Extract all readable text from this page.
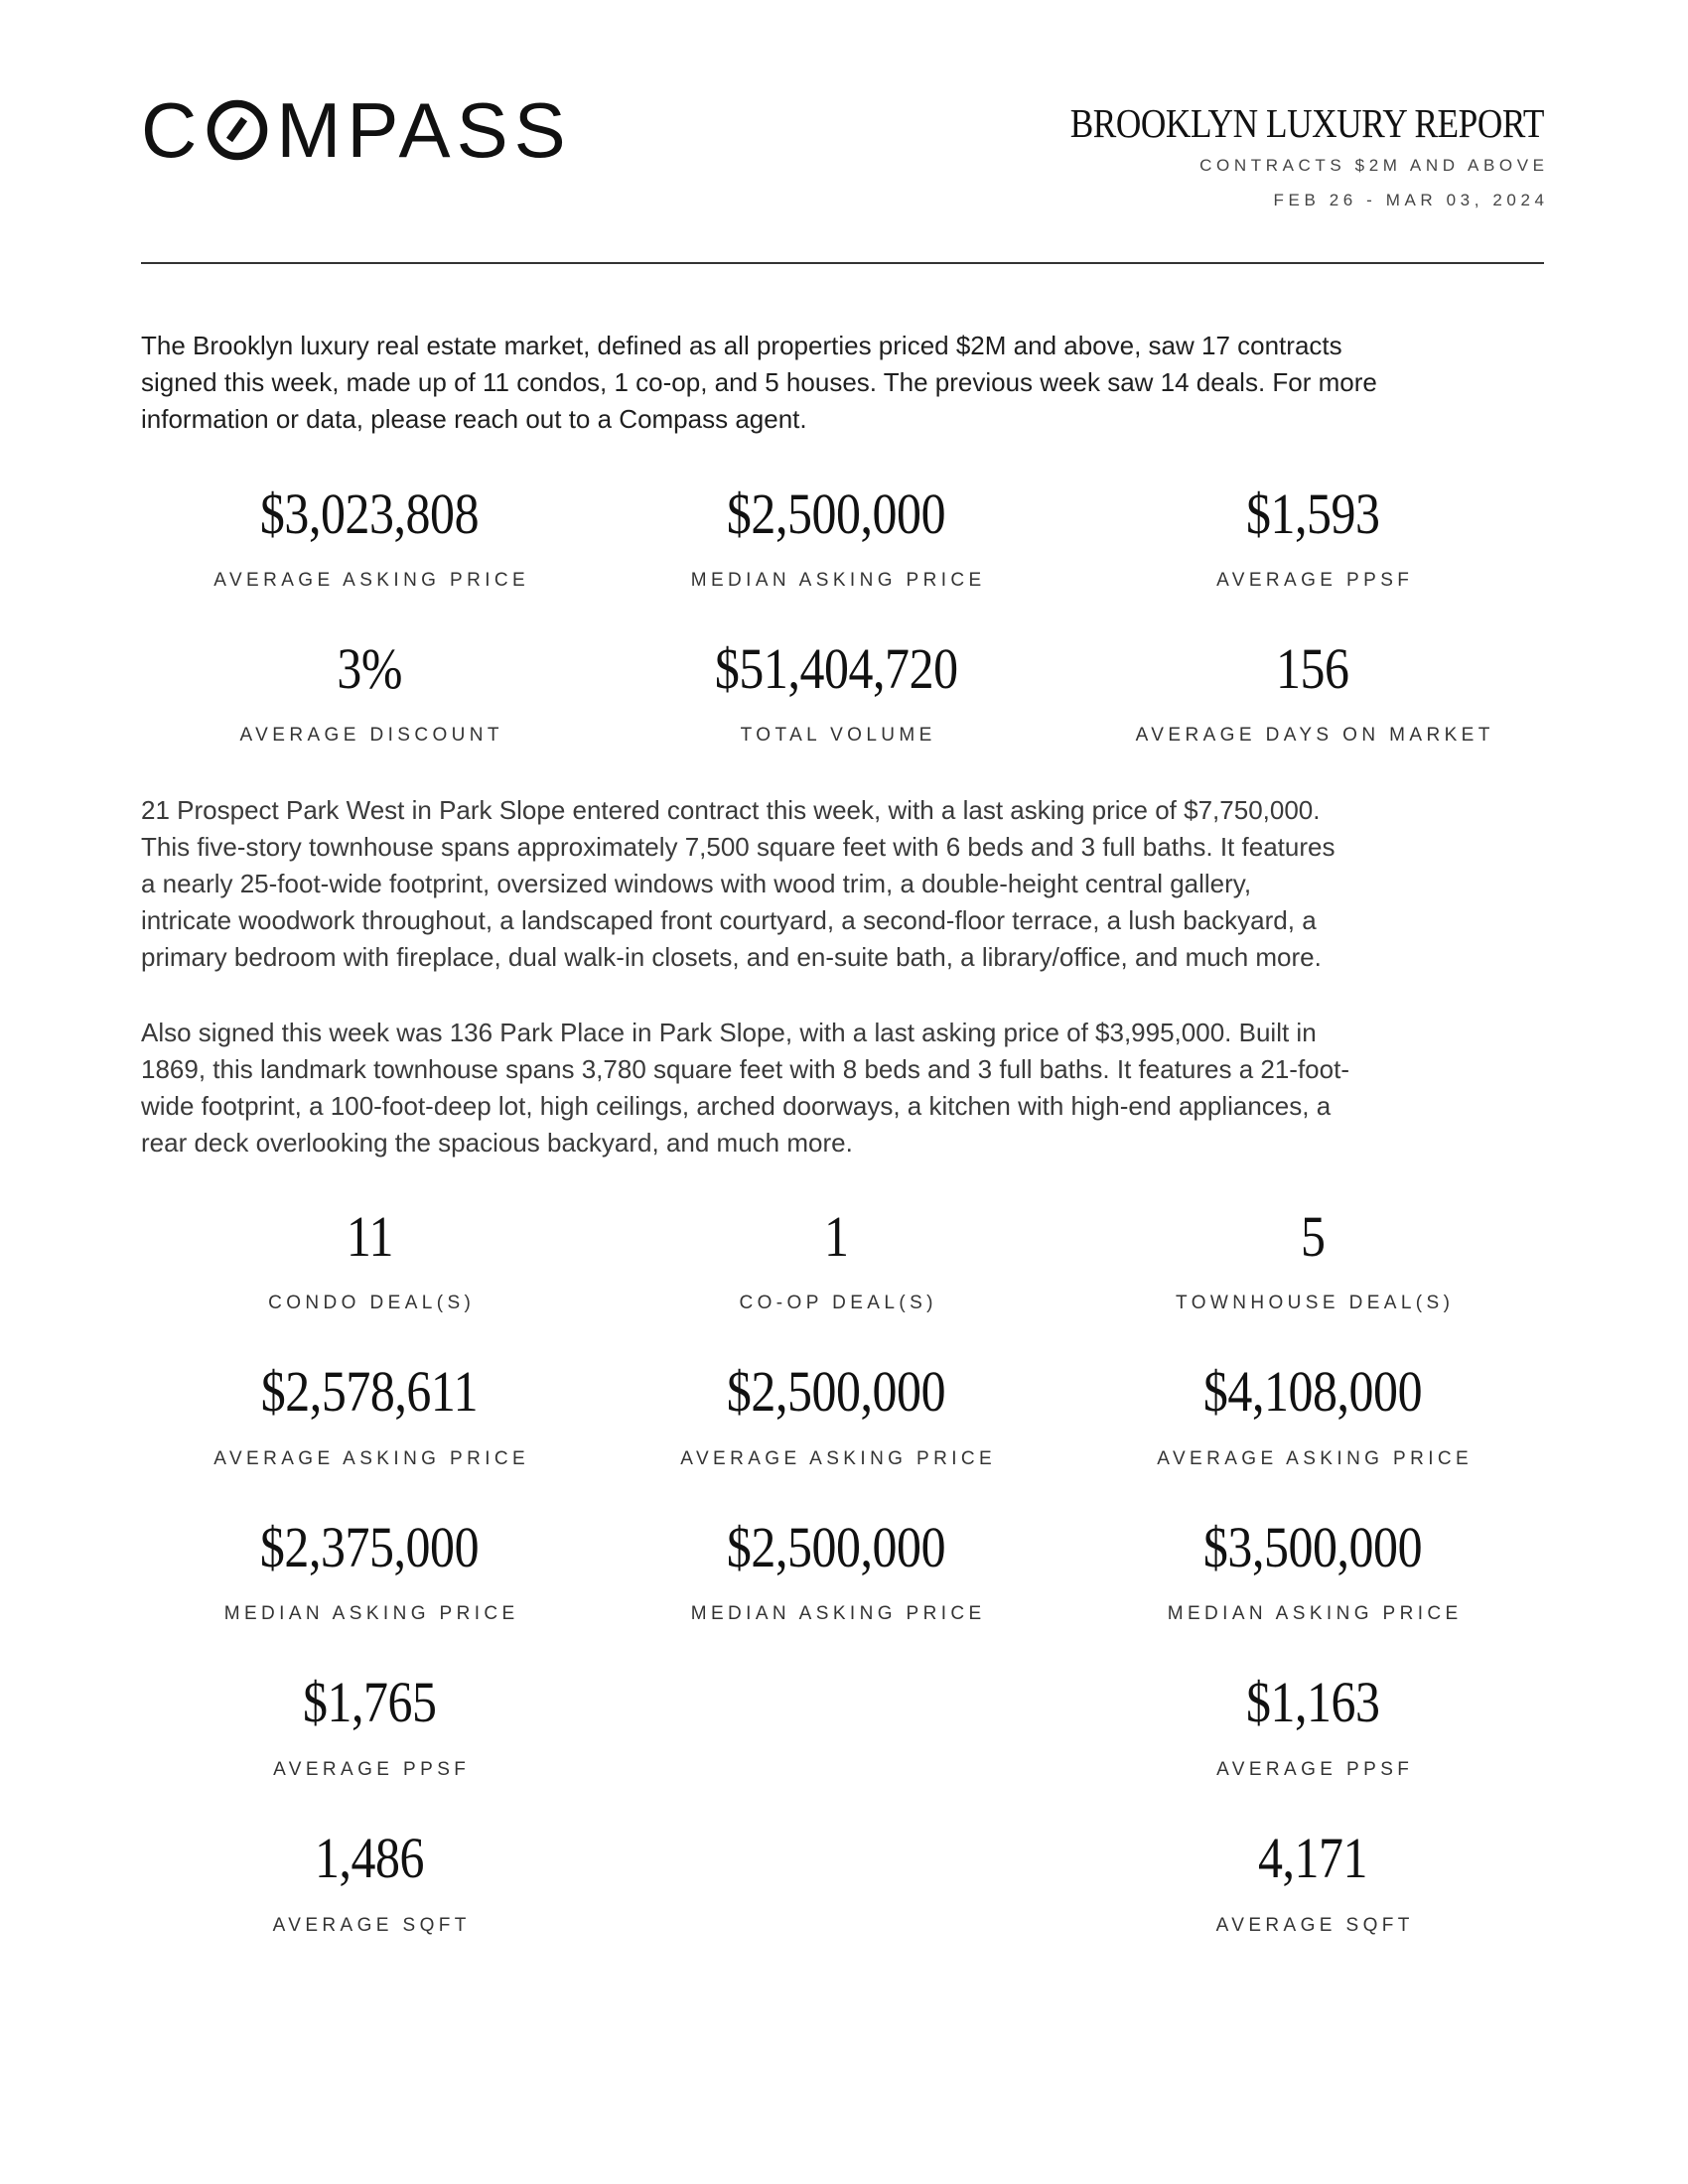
C MPASS	BROOKLYN LUXURY REPORT
CONTRACTS $2M AND ABOVE
FEB 26 - MAR 03, 2024
The Brooklyn luxury real estate market, defined as all properties priced $2M and above, saw 17 contracts
signed this week, made up of 11 condos, 1 co-op, and 5 houses. The previous week saw 14 deals. For more
information or data, please reach out to a Compass agent.
$3,023,808
AVERAGE ASKING PRICE
$2,500,000
MEDIAN ASKING PRICE
$1,593
AVERAGE PPSF
3%
AVERAGE DISCOUNT
$51,404,720
TOTAL VOLUME
156
AVERAGE DAYS ON MARKET
21 Prospect Park West in Park Slope entered contract this week, with a last asking price of $7,750,000.
This five-story townhouse spans approximately 7,500 square feet with 6 beds and 3 full baths. It features
a nearly 25-foot-wide footprint, oversized windows with wood trim, a double-height central gallery,
intricate woodwork throughout, a landscaped front courtyard, a second-floor terrace, a lush backyard, a
primary bedroom with fireplace, dual walk-in closets, and en-suite bath, a library/office, and much more.
Also signed this week was 136 Park Place in Park Slope, with a last asking price of $3,995,000. Built in
1869, this landmark townhouse spans 3,780 square feet with 8 beds and 3 full baths. It features a 21-foot-
wide footprint, a 100-foot-deep lot, high ceilings, arched doorways, a kitchen with high-end appliances, a
rear deck overlooking the spacious backyard, and much more.
11
CONDO DEAL(S)
$2,578,611
AVERAGE ASKING PRICE
$2,375,000
MEDIAN ASKING PRICE
$1,765
AVERAGE PPSF
1,486
AVERAGE SQFT
1
CO-OP DEAL(S)
$2,500,000
AVERAGE ASKING PRICE
$2,500,000
MEDIAN ASKING PRICE
5
TOWNHOUSE DEAL(S)
$4,108,000
AVERAGE ASKING PRICE
$3,500,000
MEDIAN ASKING PRICE
$1,163
AVERAGE PPSF
4,171
AVERAGE SQFT
